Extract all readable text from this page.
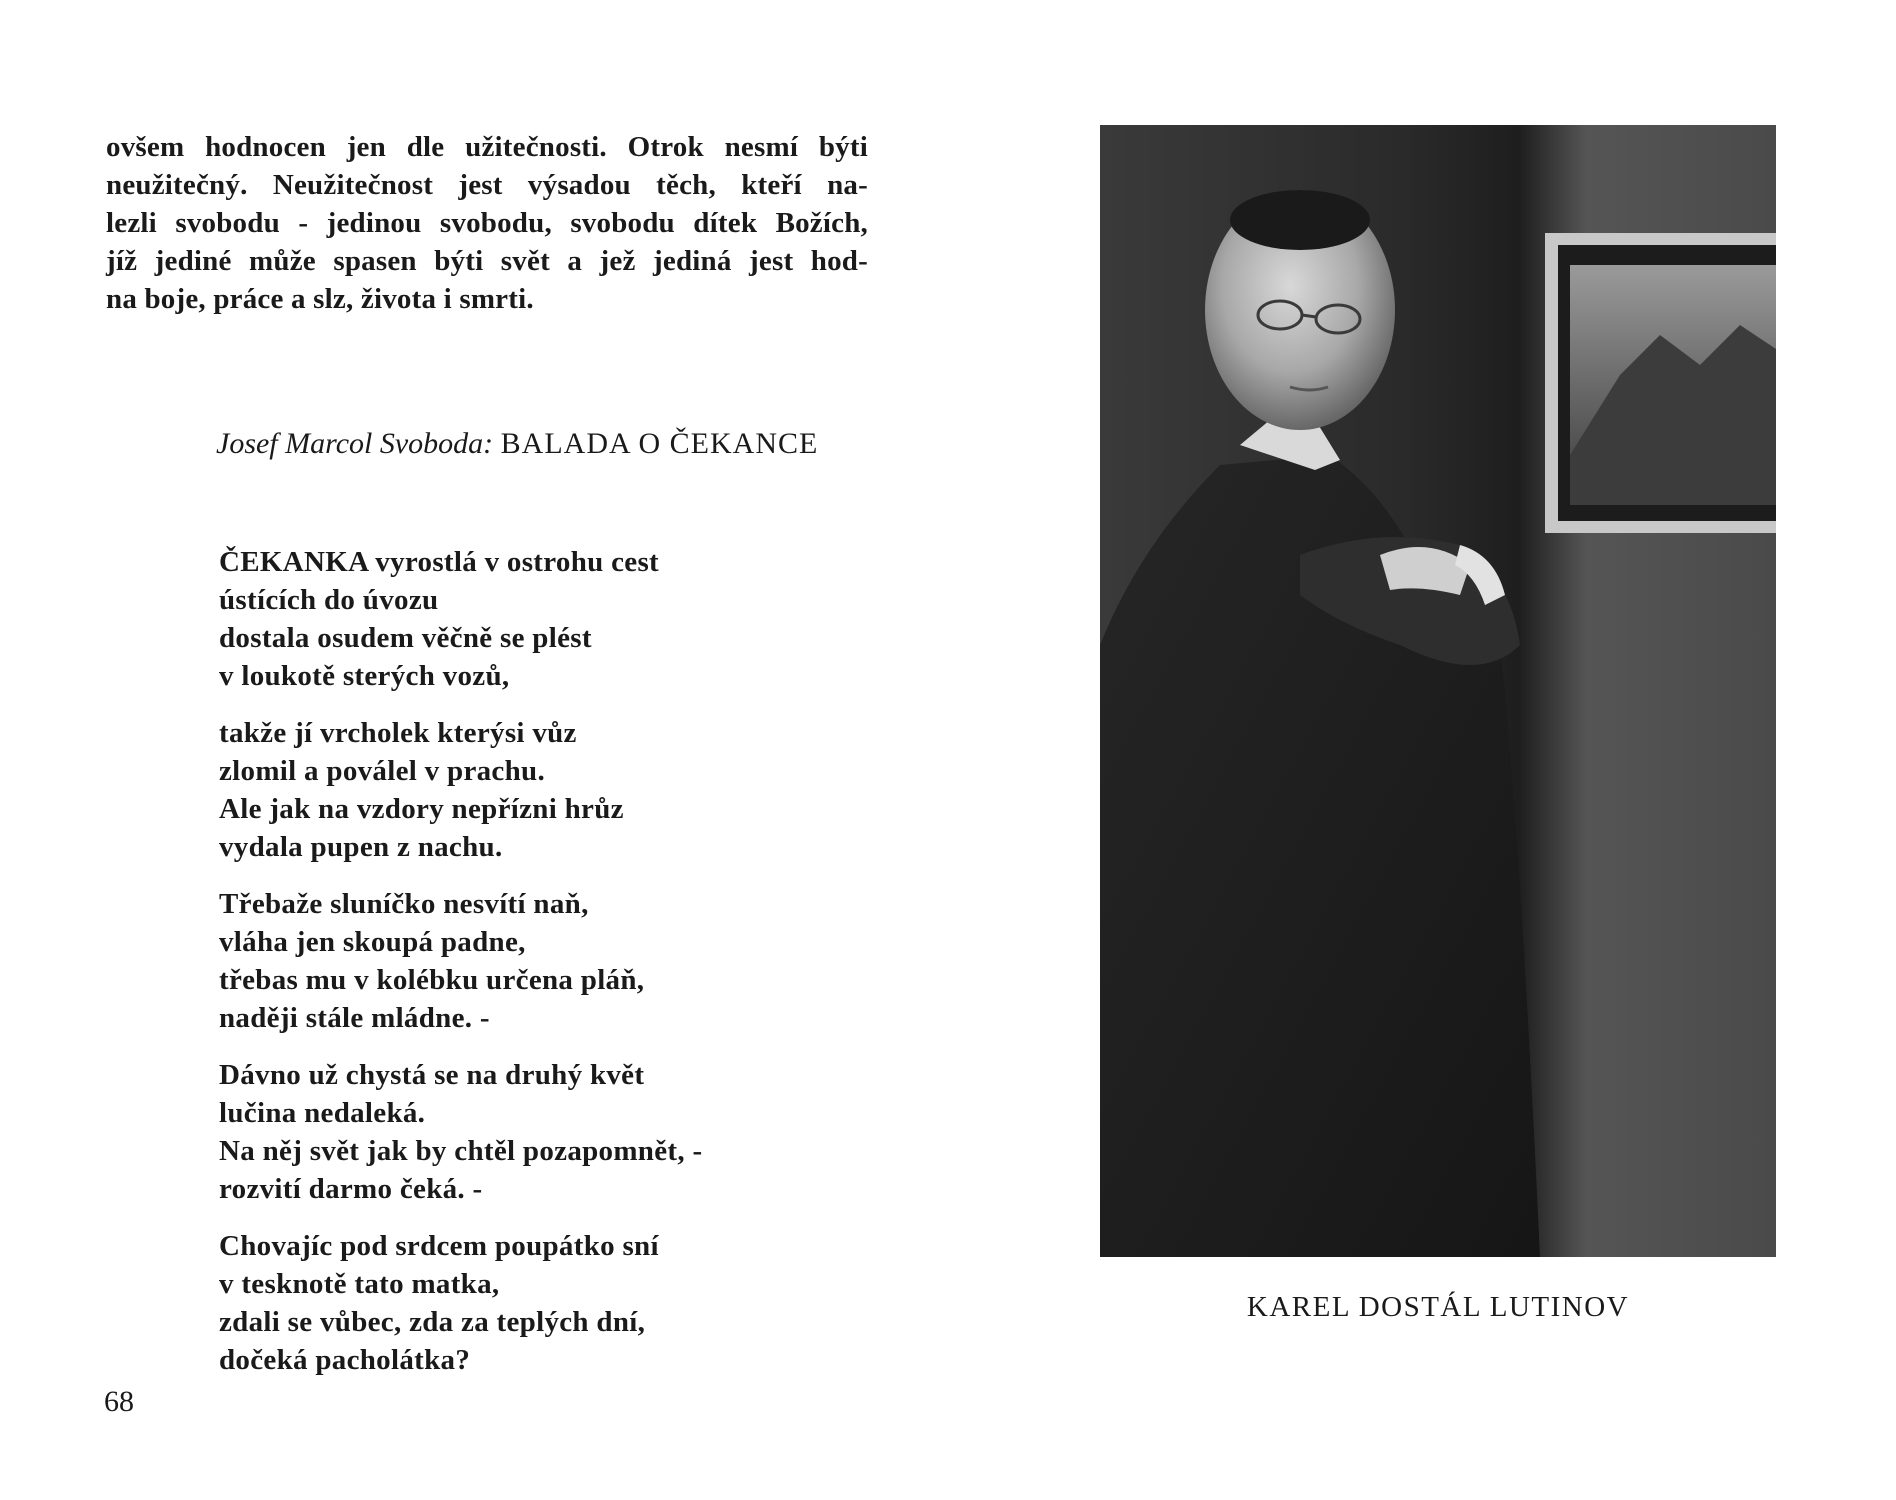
ovšem hodnocen jen dle užitečnosti. Otrok nesmí býti
neužitečný. Neužitečnost jest výsadou těch, kteří na-
lezli svobodu - jedinou svobodu, svobodu dítek Božích,
jíž jediné může spasen býti svět a jež jediná jest hod-
na boje, práce a slz, života i smrti.
Josef Marcol Svoboda: BALADA O ČEKANCE
ČEKANKA vyrostlá v ostrohu cest
ústících do úvozu
dostala osudem věčně se plést
v loukotě sterých vozů,
takže jí vrcholek kterýsi vůz
zlomil a poválel v prachu.
Ale jak na vzdory nepřízni hrůz
vydala pupen z nachu.
Třebaže sluníčko nesvítí naň,
vláha jen skoupá padne,
třebas mu v kolébku určena pláň,
naději stále mládne. -
Dávno už chystá se na druhý květ
lučina nedaleká.
Na něj svět jak by chtěl pozapomnět, -
rozvití darmo čeká. -
Chovajíc pod srdcem poupátko sní
v tesknotě tato matka,
zdali se vůbec, zda za teplých dní,
dočeká pacholátka?
68
KAREL DOSTÁL LUTINOV
